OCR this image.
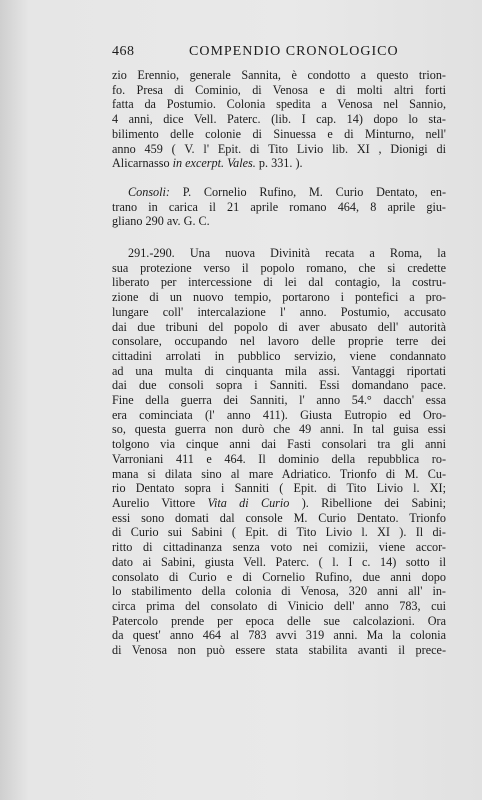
468	COMPENDIO CRONOLOGICO
zio Erennio, generale Sannita, è condotto a questo trion-
fo. Presa di Cominio, di Venosa e di molti altri forti
fatta da Postumio. Colonia spedita a Venosa nel Sannio,
4 anni, dice Vell. Paterc. (lib. I cap. 14) dopo lo sta-
bilimento delle colonie di Sinuessa e di Minturno, nell'
anno 459 ( V. l' Epit. di Tito Livio lib. XI , Dionigi di
Alicarnasso in excerpt. Vales. p. 331. ).
Consoli: P. Cornelio Rufino, M. Curio Dentato, en-
trano in carica il 21 aprile romano 464, 8 aprile giu-
gliano 290 av. G. C.
291.-290. Una nuova Divinità recata a Roma, la
sua protezione verso il popolo romano, che si credette
liberato per intercessione di lei dal contagio, la costru-
zione di un nuovo tempio, portarono i pontefici a pro-
lungare coll' intercalazione l' anno. Postumio, accusato
dai due tribuni del popolo di aver abusato dell' autorità
consolare, occupando nel lavoro delle proprie terre dei
cittadini arrolati in pubblico servizio, viene condannato
ad una multa di cinquanta mila assi. Vantaggi riportati
dai due consoli sopra i Sanniti. Essi domandano pace.
Fine della guerra dei Sanniti, l' anno 54.° dacch' essa
era cominciata (l' anno 411). Giusta Eutropio ed Oro-
so, questa guerra non durò che 49 anni. In tal guisa essi
tolgono via cinque anni dai Fasti consolari tra gli anni
Varroniani 411 e 464. Il dominio della repubblica ro-
mana si dilata sino al mare Adriatico. Trionfo di M. Cu-
rio Dentato sopra i Sanniti ( Epit. di Tito Livio l. XI;
Aurelio Vittore Vita di Curio ). Ribellione dei Sabini;
essi sono domati dal console M. Curio Dentato. Trionfo
di Curio sui Sabini ( Epit. di Tito Livio l. XI ). Il di-
ritto di cittadinanza senza voto nei comizii, viene accor-
dato ai Sabini, giusta Vell. Paterc. ( l. I c. 14) sotto il
consolato di Curio e di Cornelio Rufino, due anni dopo
lo stabilimento della colonia di Venosa, 320 anni all' in-
circa prima del consolato di Vinicio dell' anno 783, cui
Patercolo prende per epoca delle sue calcolazioni. Ora
da quest' anno 464 al 783 avvi 319 anni. Ma la colonia
di Venosa non può essere stata stabilita avanti il prece-
